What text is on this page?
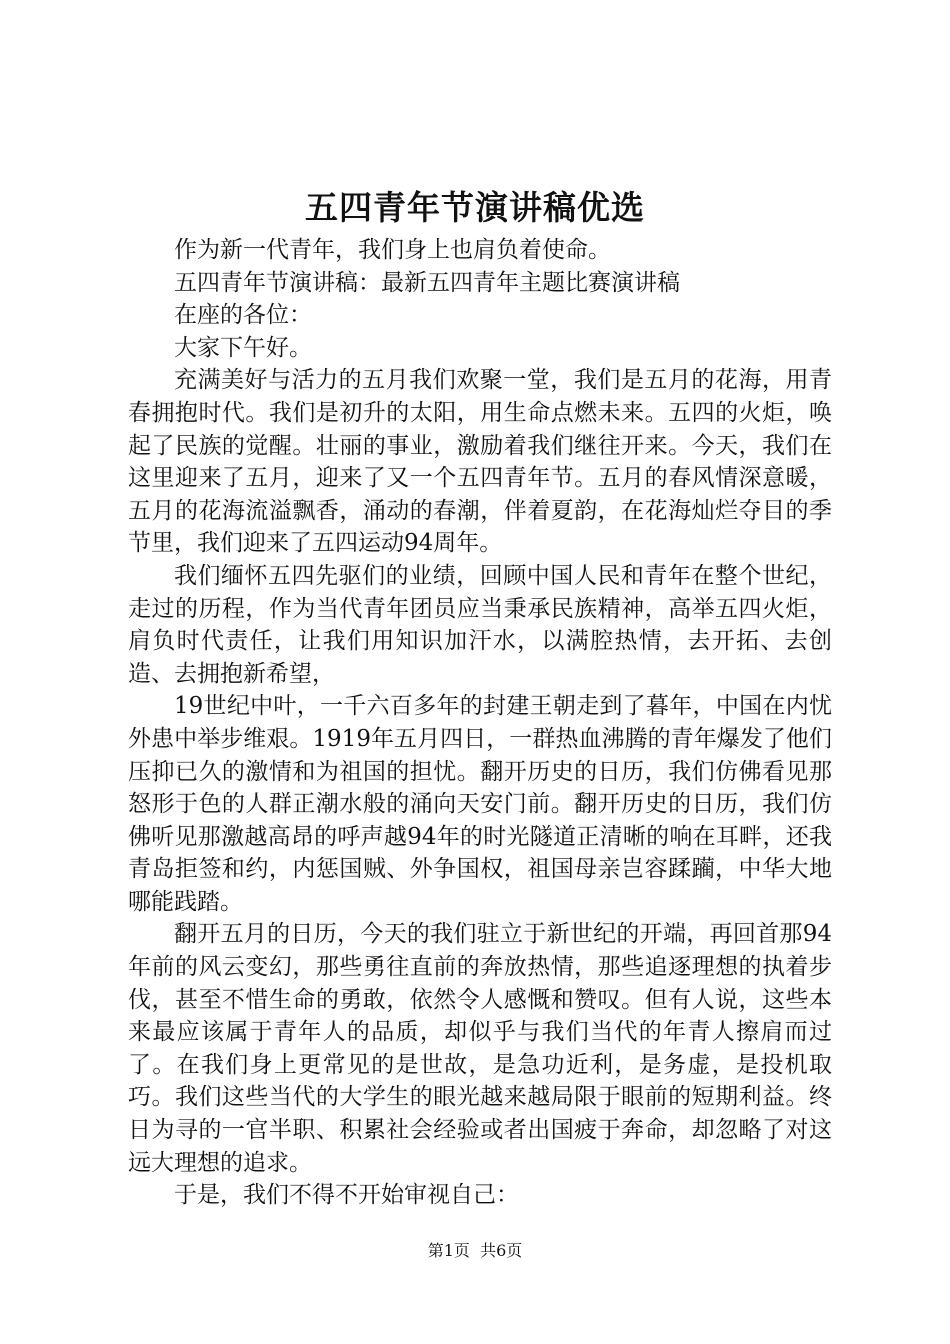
五四青年节演讲稿优选

作为新一代青年，我们身上也肩负着使命。

五四青年节演讲稿：最新五四青年主题比赛演讲稿

在座的各位：

大家下午好。

充满美好与活力的五月我们欢聚一堂，我们是五月的花海，用青春拥抱时代。我们是初升的太阳，用生命点燃未来。五四的火炬，唤起了民族的觉醒。壮丽的事业，激励着我们继往开来。今天，我们在这里迎来了五月，迎来了又一个五四青年节。五月的春风情深意暖，五月的花海流溢飘香，涌动的春潮，伴着夏韵，在花海灿烂夺目的季节里，我们迎来了五四运动94周年。

我们缅怀五四先驱们的业绩，回顾中国人民和青年在整个世纪，走过的历程，作为当代青年团员应当秉承民族精神，高举五四火炬，肩负时代责任，让我们用知识加汗水，以满腔热情，去开拓、去创造、去拥抱新希望，

19世纪中叶，一千六百多年的封建王朝走到了暮年，中国在内忧外患中举步维艰。1919年五月四日，一群热血沸腾的青年爆发了他们压抑已久的激情和为祖国的担忧。翻开历史的日历，我们仿佛看见那怒形于色的人群正潮水般的涌向天安门前。翻开历史的日历，我们仿佛听见那激越高昂的呼声越94年的时光隧道正清晰的响在耳畔，还我青岛拒签和约，内惩国贼、外争国权，祖国母亲岂容蹂躏，中华大地哪能践踏。

翻开五月的日历，今天的我们驻立于新世纪的开端，再回首那94年前的风云变幻，那些勇往直前的奔放热情，那些追逐理想的执着步伐，甚至不惜生命的勇敢，依然令人感慨和赞叹。但有人说，这些本来最应该属于青年人的品质，却似乎与我们当代的年青人擦肩而过了。在我们身上更常见的是世故，是急功近利，是务虚，是投机取巧。我们这些当代的大学生的眼光越来越局限于眼前的短期利益。终日为寻的一官半职、积累社会经验或者出国疲于奔命，却忽略了对这远大理想的追求。

于是，我们不得不开始审视自己：

第1页 共6页
